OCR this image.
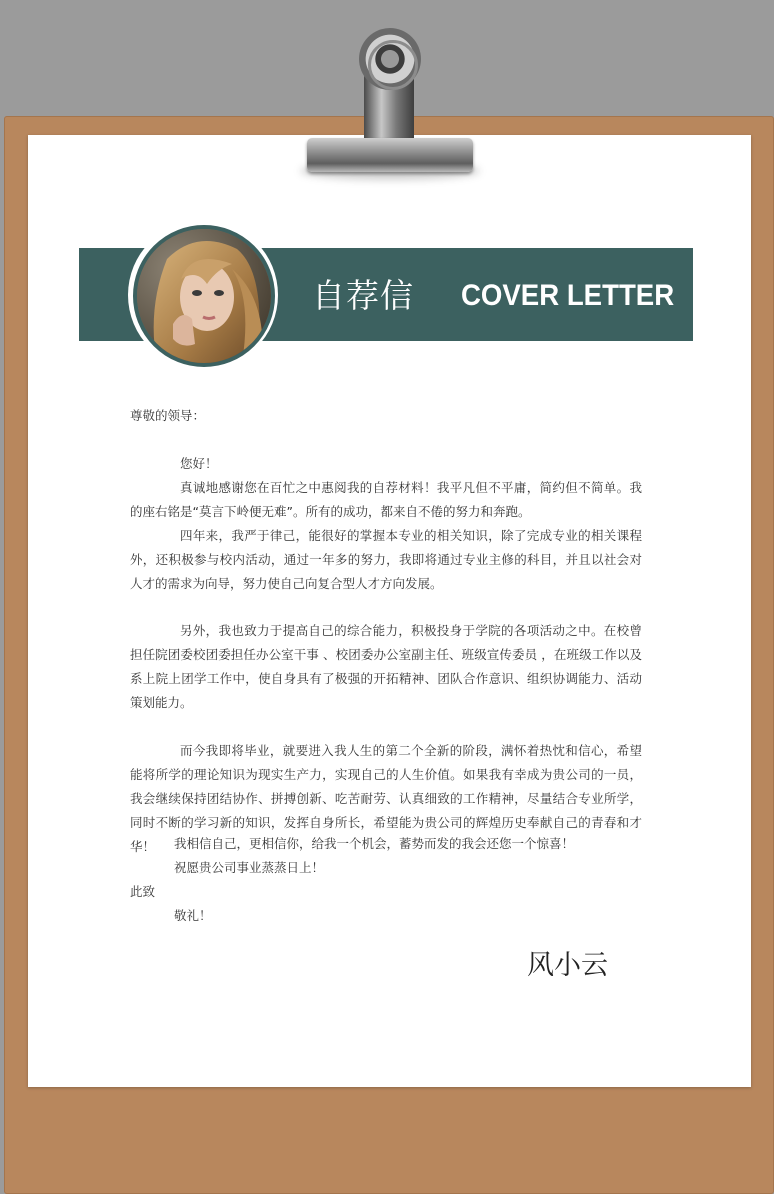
自荐信 COVER LETTER

尊敬的领导：

您好！

真诚地感谢您在百忙之中惠阅我的自荐材料！我平凡但不平庸，简约但不简单。我的座右铭是“莫言下岭便无难”。所有的成功，都来自不倦的努力和奔跑。

四年来，我严于律己，能很好的掌握本专业的相关知识，除了完成专业的相关课程外，还积极参与校内活动，通过一年多的努力，我即将通过专业主修的科目，并且以社会对人才的需求为向导，努力使自己向复合型人才方向发展。

另外，我也致力于提高自己的综合能力，积极投身于学院的各项活动之中。在校曾担任院团委校团委担任办公室干事 、校团委办公室副主任、班级宣传委员 ，在班级工作以及系上院上团学工作中，使自身具有了极强的开拓精神、团队合作意识、组织协调能力、活动策划能力。

而今我即将毕业，就要进入我人生的第二个全新的阶段，满怀着热忱和信心，希望能将所学的理论知识为现实生产力，实现自己的人生价值。如果我有幸成为贵公司的一员，我会继续保持团结协作、拼搏创新、吃苦耐劳、认真细致的工作精神，尽量结合专业所学，同时不断的学习新的知识，发挥自身所长，希望能为贵公司的辉煌历史奉献自己的青春和才华！	我相信自己，更相信你，给我一个机会，蓄势而发的我会还您一个惊喜！

祝愿贵公司事业蒸蒸日上！

此致

敬礼！

风小云
